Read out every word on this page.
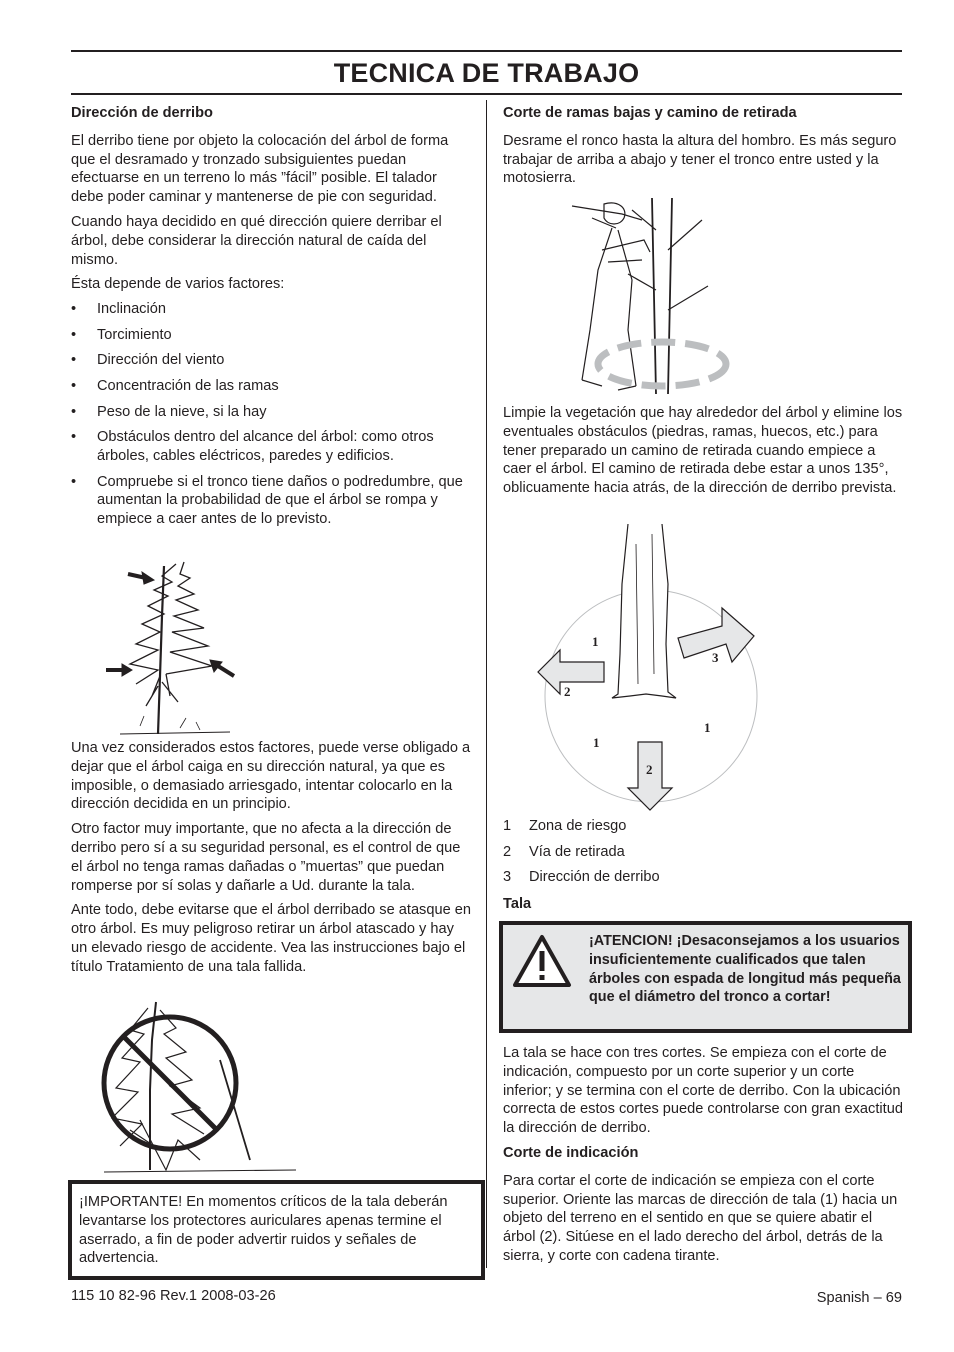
TECNICA DE TRABAJO
Dirección de derribo

El derribo tiene por objeto la colocación del árbol de forma que el desramado y tronzado subsiguientes puedan efectuarse en un terreno lo más ”fácil” posible. El talador debe poder caminar y mantenerse de pie con seguridad.

Cuando haya decidido en qué dirección quiere derribar el árbol, debe considerar la dirección natural de caída del mismo.

Ésta depende de varios factores:

• Inclinación
• Torcimiento
• Dirección del viento
• Concentración de las ramas
• Peso de la nieve, si la hay
• Obstáculos dentro del alcance del árbol: como otros árboles, cables eléctricos, paredes y edificios.
• Compruebe si el tronco tiene daños o podredumbre, que aumentan la probabilidad de que el árbol se rompa y empiece a caer antes de lo previsto.

Una vez considerados estos factores, puede verse obligado a dejar que el árbol caiga en su dirección natural, ya que es imposible, o demasiado arriesgado, intentar colocarlo en la dirección decidida en un principio.

Otro factor muy importante, que no afecta a la dirección de derribo pero sí a su seguridad personal, es el control de que el árbol no tenga ramas dañadas o ”muertas” que puedan romperse por sí solas y dañarle a Ud. durante la tala.

Ante todo, debe evitarse que el árbol derribado se atasque en otro árbol. Es muy peligroso retirar un árbol atascado y hay un elevado riesgo de accidente. Vea las instrucciones bajo el título Tratamiento de una tala fallida.

¡IMPORTANTE! En momentos críticos de la tala deberán levantarse los protectores auriculares apenas termine el aserrado, a fin de poder advertir ruidos y señales de advertencia.
Corte de ramas bajas y camino de retirada

Desrame el ronco hasta la altura del hombro. Es más seguro trabajar de arriba a abajo y tener el tronco entre usted y la motosierra.

Limpie la vegetación que hay alrededor del árbol y elimine los eventuales obstáculos (piedras, ramas, huecos, etc.) para tener preparado un camino de retirada cuando empiece a caer el árbol. El camino de retirada debe estar a unos 135°, oblicuamente hacia atrás, de la dirección de derribo prevista.

1
1
1
3
2
2
1	Zona de riesgo
2	Vía de retirada
3	Dirección de derribo
Tala
¡ATENCION! ¡Desaconsejamos a los usuarios insuficientemente cualificados que talen árboles con espada de longitud más pequeña que el diámetro del tronco a cortar!

La tala se hace con tres cortes. Se empieza con el corte de indicación, compuesto por un corte superior y un corte inferior; y se termina con el corte de derribo. Con la ubicación correcta de estos cortes puede controlarse con gran exactitud la dirección de derribo.

Corte de indicación

Para cortar el corte de indicación se empieza con el corte superior. Oriente las marcas de dirección de tala (1) hacia un objeto del terreno en el sentido en que se quiere abatir el árbol (2). Sitúese en el lado derecho del árbol, detrás de la sierra, y corte con cadena tirante.

115 10 82-96 Rev.1 2008-03-26	Spanish – 69
